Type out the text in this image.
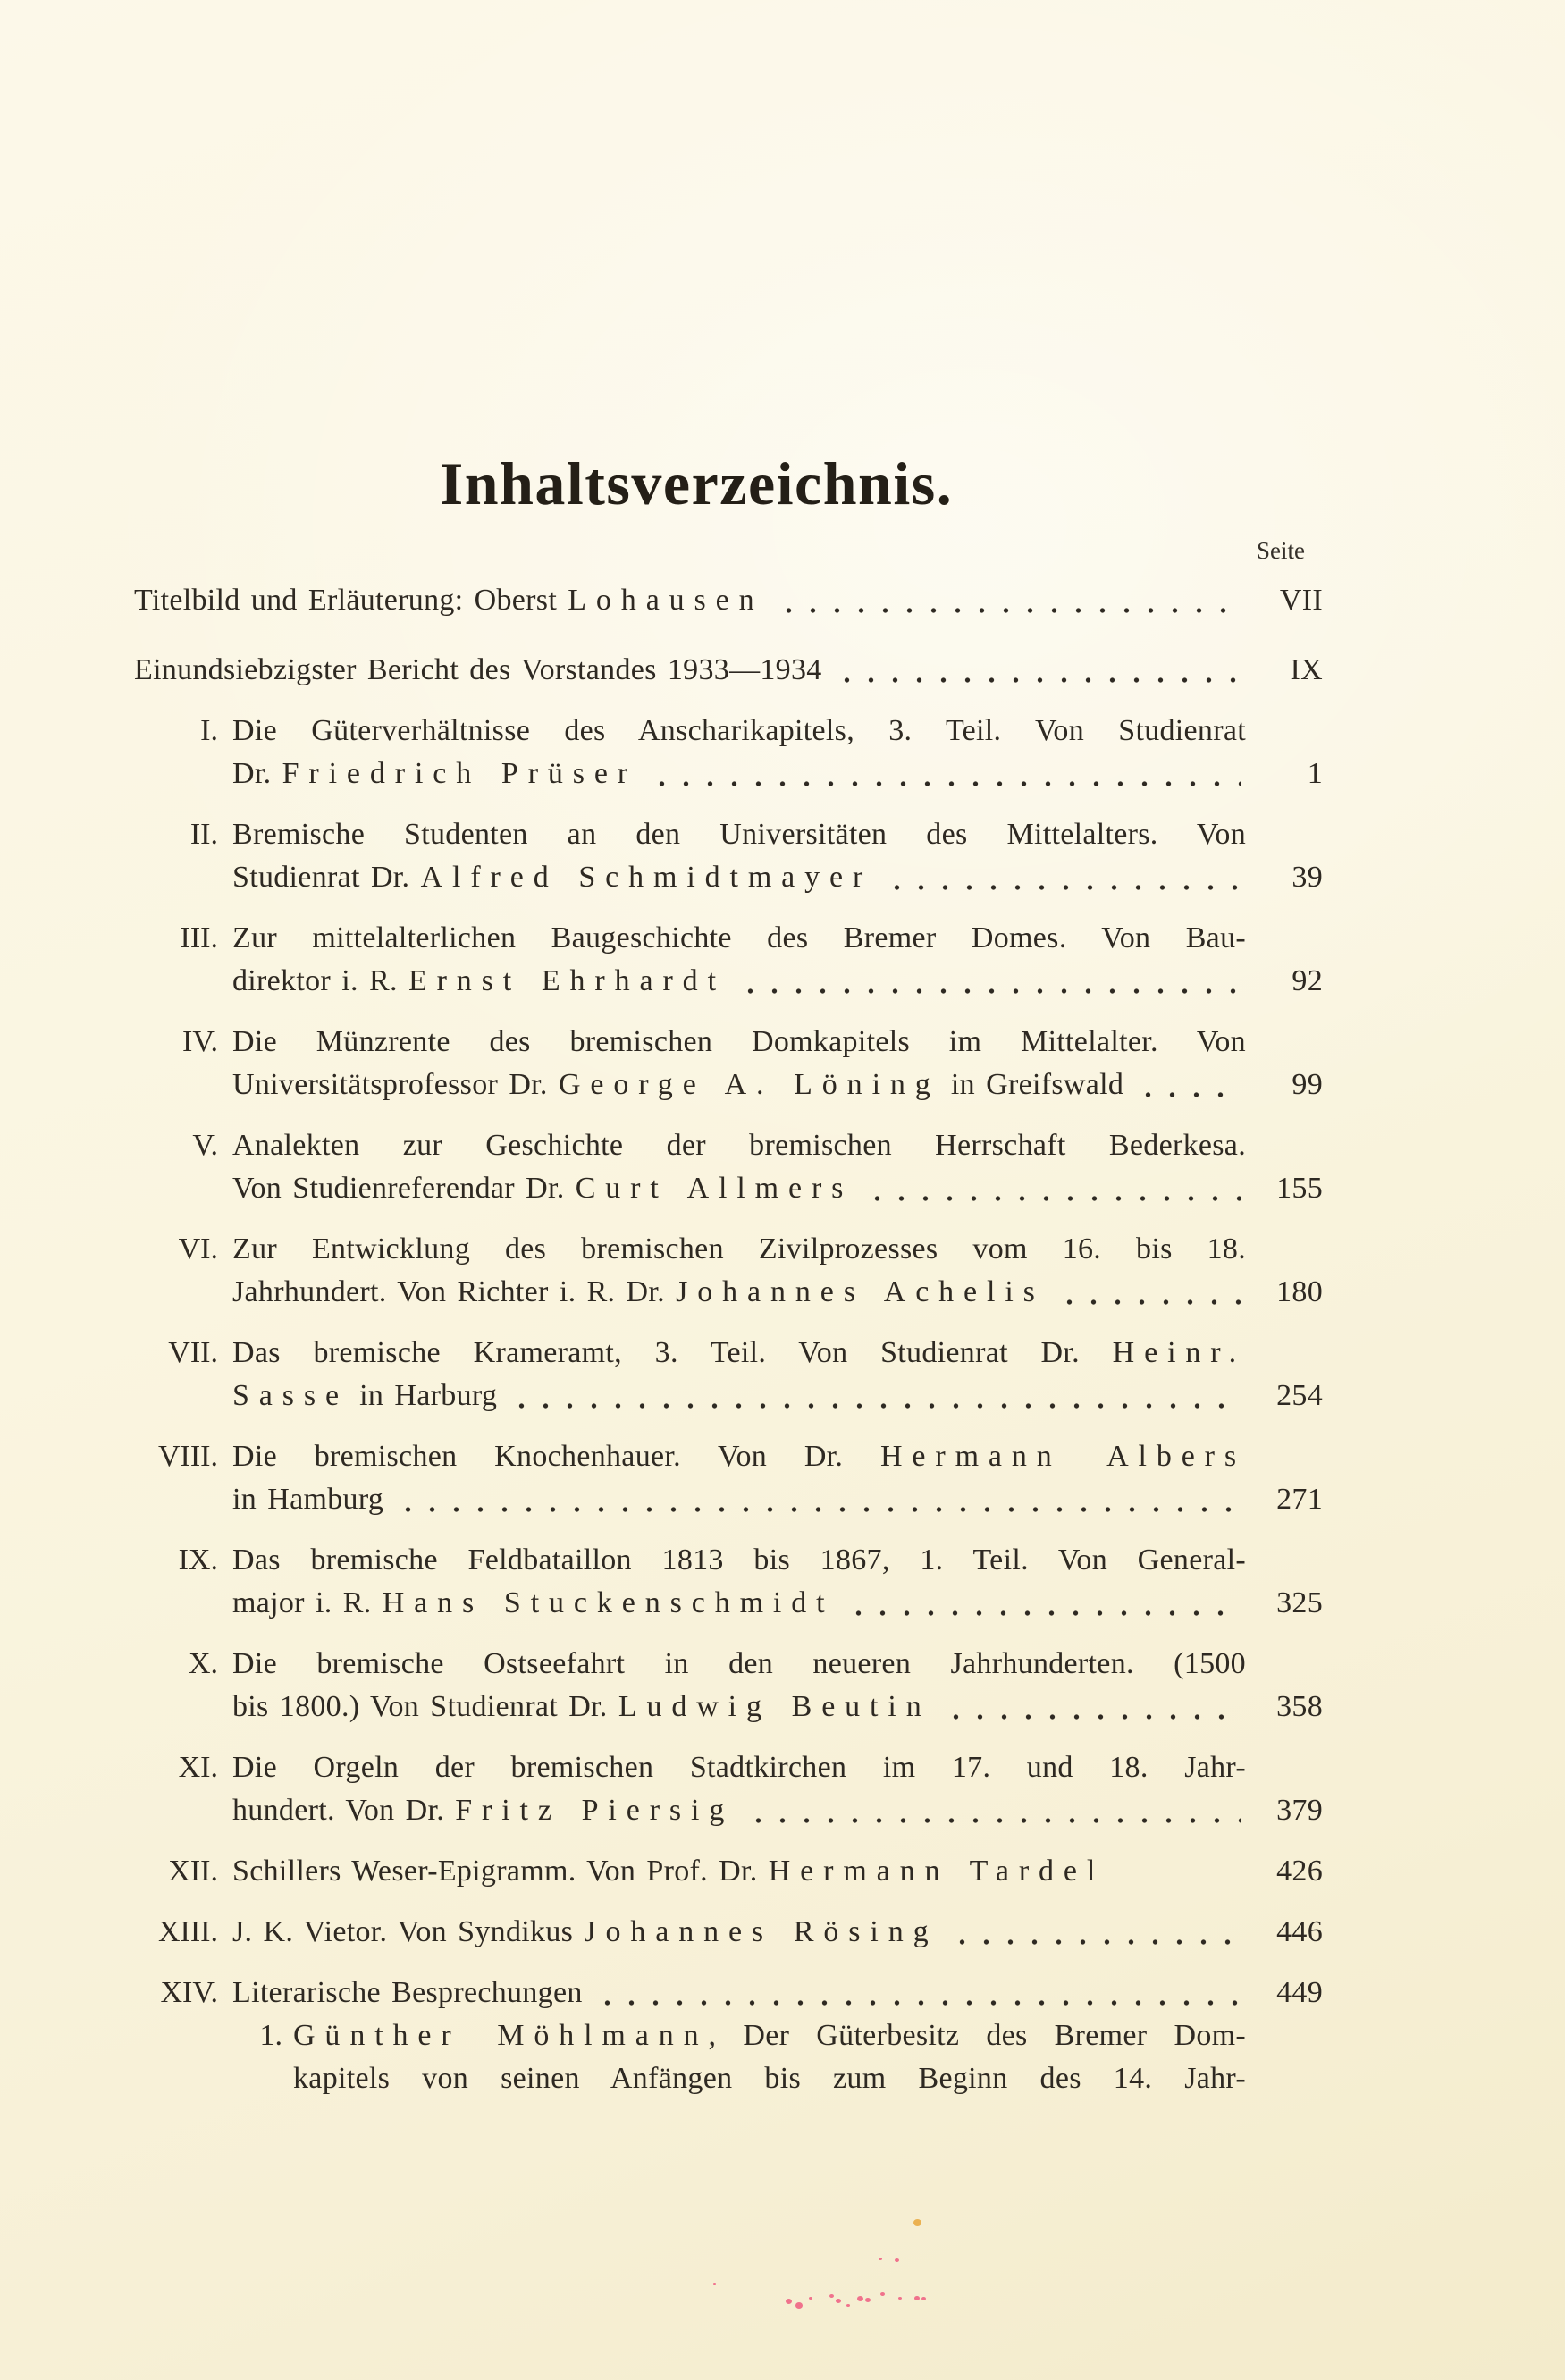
Inhaltsverzeichnis.
Seite
Titelbild und Erläuterung: Oberst Lohausen	VII
Einundsiebzigster Bericht des Vorstandes 1933—1934	IX
I. Die Güterverhältnisse des Anscharikapitels, 3. Teil. Von Studienrat
Dr. Friedrich Prüser	1
II. Bremische Studenten an den Universitäten des Mittelalters. Von
Studienrat Dr. Alfred Schmidtmayer	39
III. Zur mittelalterlichen Baugeschichte des Bremer Domes. Von Bau-
direktor i. R. Ernst Ehrhardt	92
IV. Die Münzrente des bremischen Domkapitels im Mittelalter. Von
Universitätsprofessor Dr. George A. Löning in Greifswald	99
V. Analekten zur Geschichte der bremischen Herrschaft Bederkesa.
Von Studienreferendar Dr. Curt Allmers	155
VI. Zur Entwicklung des bremischen Zivilprozesses vom 16. bis 18.
Jahrhundert. Von Richter i. R. Dr. Johannes Achelis	180
VII. Das bremische Krameramt, 3. Teil. Von Studienrat Dr. Heinr.
Sasse in Harburg	254
VIII. Die bremischen Knochenhauer. Von Dr. Hermann Albers
in Hamburg	271
IX. Das bremische Feldbataillon 1813 bis 1867, 1. Teil. Von General-
major i. R. Hans Stuckenschmidt	325
X. Die bremische Ostseefahrt in den neueren Jahrhunderten. (1500
bis 1800.) Von Studienrat Dr. Ludwig Beutin	358
XI. Die Orgeln der bremischen Stadtkirchen im 17. und 18. Jahr-
hundert. Von Dr. Fritz Piersig	379
XII. Schillers Weser-Epigramm. Von Prof. Dr. Hermann Tardel	426
XIII. J. K. Vietor. Von Syndikus Johannes Rösing	446
XIV. Literarische Besprechungen	449
1. Günther Möhlmann, Der Güterbesitz des Bremer Dom-
kapitels von seinen Anfängen bis zum Beginn des 14. Jahr-
